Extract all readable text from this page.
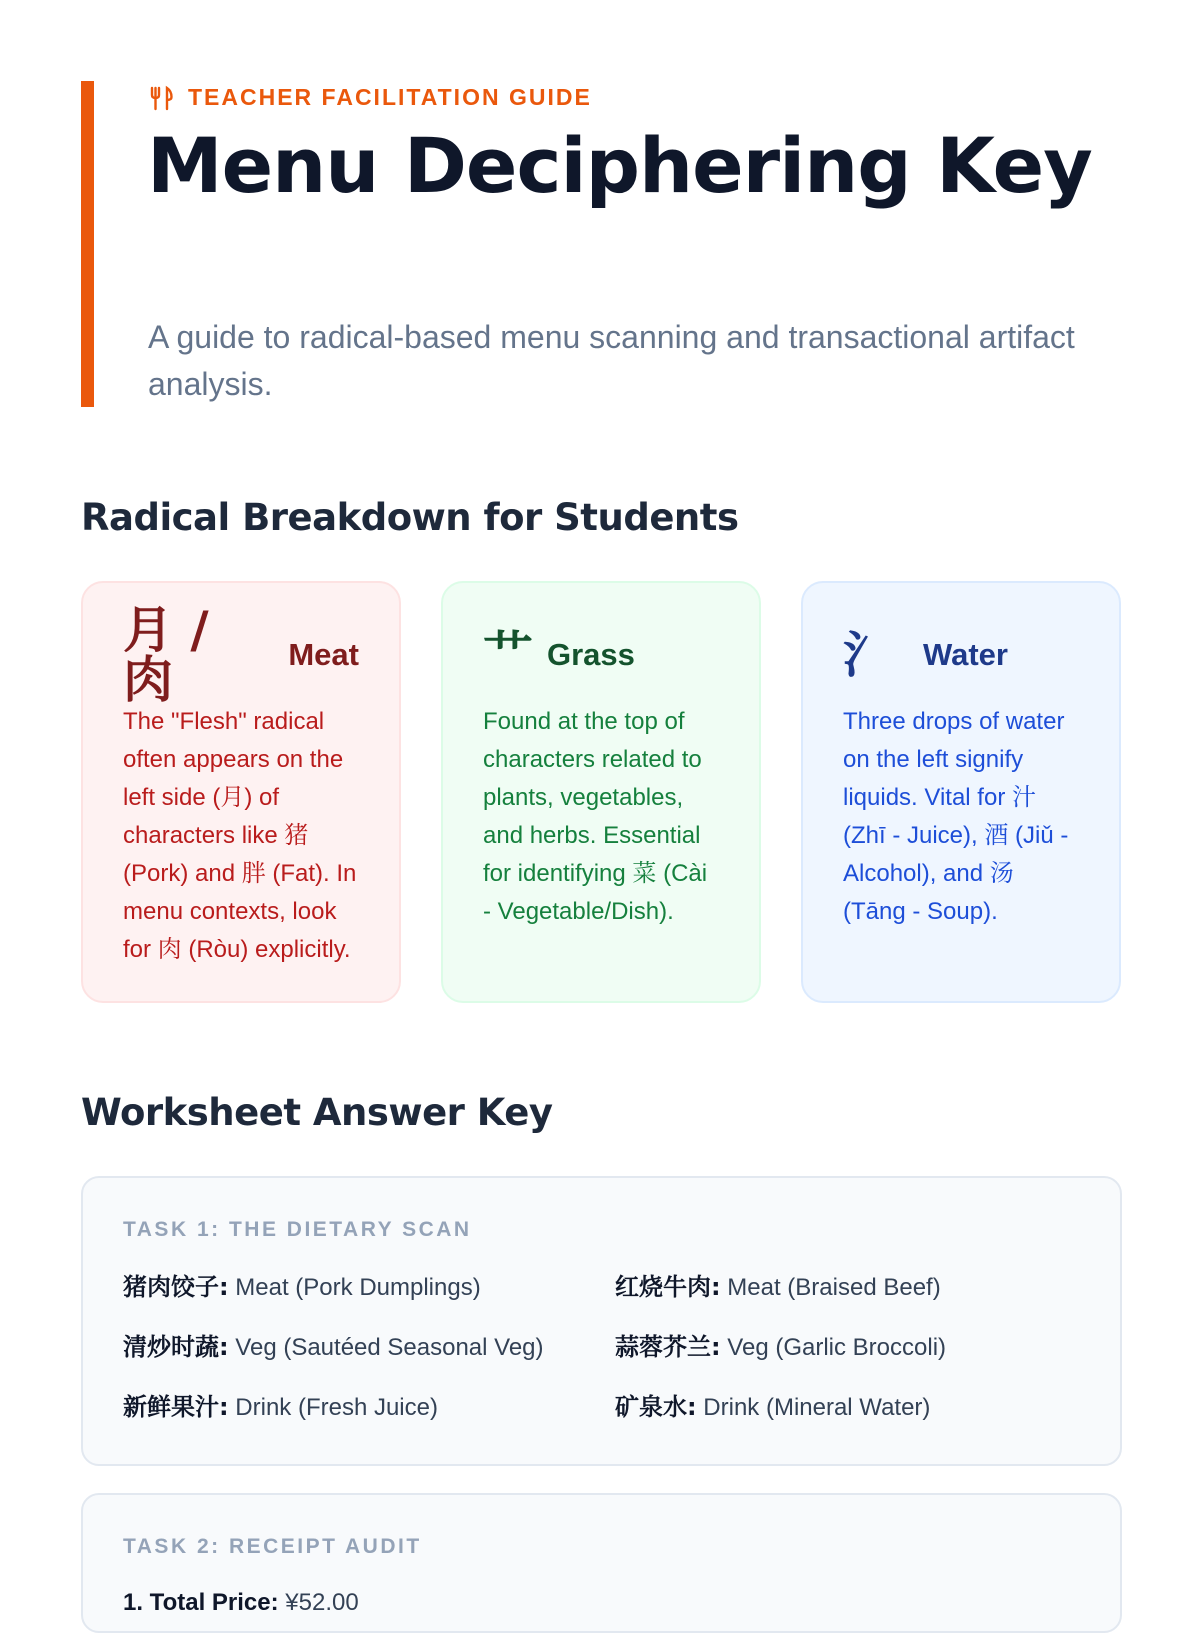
TEACHER FACILITATION GUIDE
Menu Deciphering Key

A guide to radical-based menu scanning and transactional artifact analysis.

Radical Breakdown for Students
月 / 肉	Meat

The "Flesh" radical often appears on the left side (月) of characters like 猪 (Pork) and 胖 (Fat). In menu contexts, look for 肉 (Ròu) explicitly.

艹 Grass

Found at the top of characters related to plants, vegetables, and herbs. Essential for identifying 菜 (Cài - Vegetable/Dish).

氵 Water

Three drops of water on the left signify liquids. Vital for 汁 (Zhī - Juice), 酒 (Jiǔ - Alcohol), and 汤 (Tāng - Soup).

Worksheet Answer Key
TASK 1: THE DIETARY SCAN
猪肉饺子: Meat (Pork Dumplings)	红烧牛肉: Meat (Braised Beef)
清炒时蔬: Veg (Sautéed Seasonal Veg)	蒜蓉芥兰: Veg (Garlic Broccoli)
新鲜果汁: Drink (Fresh Juice)	矿泉水: Drink (Mineral Water)
TASK 2: RECEIPT AUDIT
1. Total Price: ¥52.00
